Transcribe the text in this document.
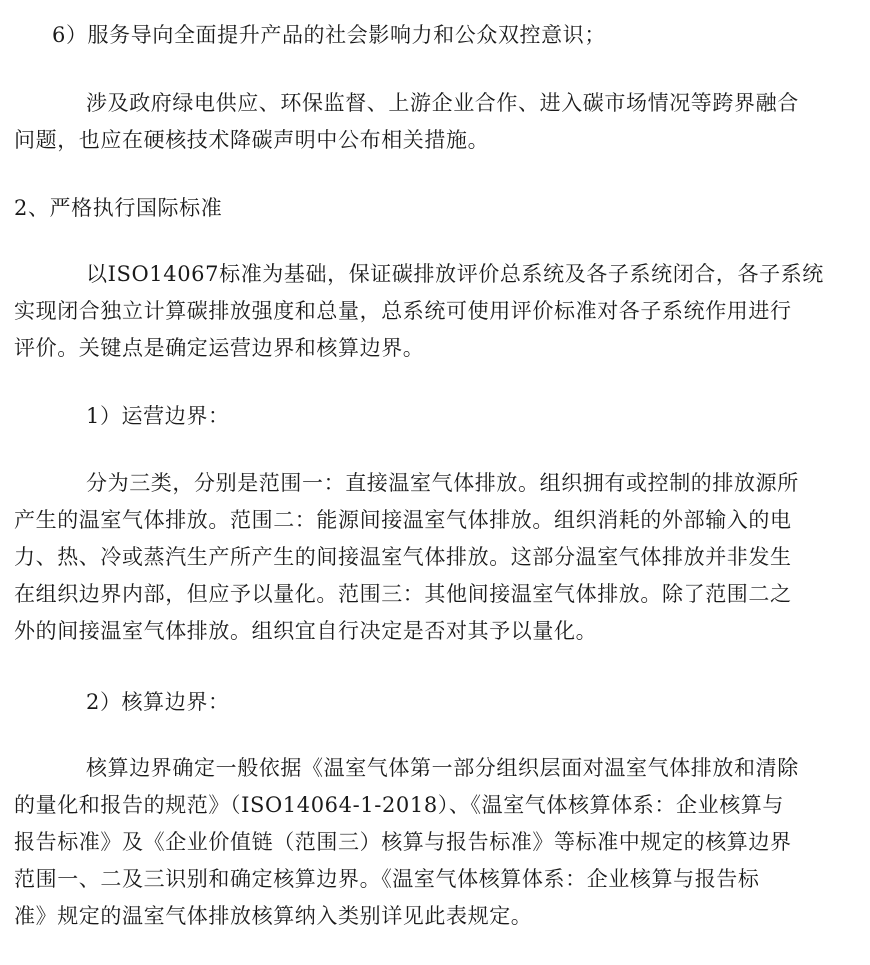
6）服务导向全面提升产品的社会影响力和公众双控意识；
涉及政府绿电供应、环保监督、上游企业合作、进入碳市场情况等跨界融合
问题，也应在硬核技术降碳声明中公布相关措施。
2、严格执行国际标准
以ISO14067标准为基础，保证碳排放评价总系统及各子系统闭合，各子系统
实现闭合独立计算碳排放强度和总量，总系统可使用评价标准对各子系统作用进行
评价。关键点是确定运营边界和核算边界。
1）运营边界：
分为三类，分别是范围一：直接温室气体排放。组织拥有或控制的排放源所
产生的温室气体排放。范围二：能源间接温室气体排放。组织消耗的外部输入的电
力、热、冷或蒸汽生产所产生的间接温室气体排放。这部分温室气体排放并非发生
在组织边界内部，但应予以量化。范围三：其他间接温室气体排放。除了范围二之
外的间接温室气体排放。组织宜自行决定是否对其予以量化。
2）核算边界：
核算边界确定一般依据《温室气体第一部分组织层面对温室气体排放和清除
的量化和报告的规范》（ISO14064-1-2018）、《温室气体核算体系：企业核算与
报告标准》及《企业价值链（范围三）核算与报告标准》等标准中规定的核算边界
范围一、二及三识别和确定核算边界。《温室气体核算体系：企业核算与报告标
准》规定的温室气体排放核算纳入类别详见此表规定。
